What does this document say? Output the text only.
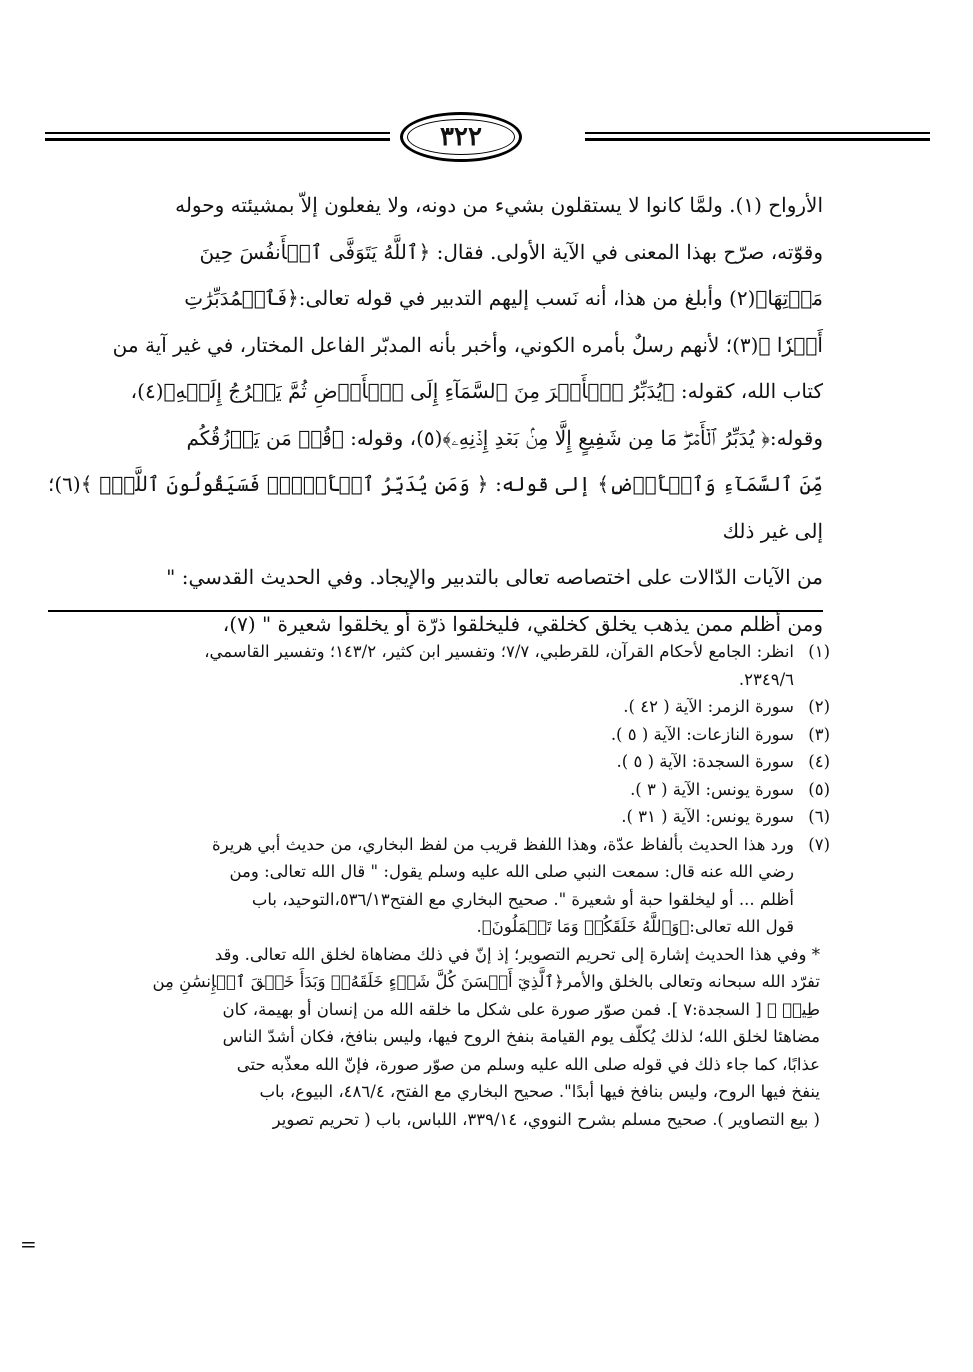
٣٢٢
الأرواح (١). ولمَّا كانوا لا يستقلون بشيء من دونه، ولا يفعلون إلاّ بمشيئته وحوله
وقوّته، صرّح بهذا المعنى في الآية الأولى. فقال: ﴿ٱللَّهُ يَتَوَفَّى ٱلۡأَنفُسَ حِينَ
مَوۡتِهَا﴾(٢) وأبلغ من هذا، أنه نَسب إليهم التدبير في قوله تعالى:﴿فَٱلۡمُدَبِّرَٰتِ
أَمۡرٗا ﴾(٣)؛ لأنهم رسلٌ بأمره الكوني، وأخبر بأنه المدبّر الفاعل المختار، في غير آية من
كتاب الله، كقوله: ﴿يُدَبِّرُ ٱلۡأَمۡرَ مِنَ ٱلسَّمَآءِ إِلَى ٱلۡأَرۡضِ ثُمَّ يَعۡرُجُ إِلَيۡهِ﴾(٤)،
وقوله:﴿ يُدَبِّرُ ٱلۡأَمۡرَۖ مَا مِن شَفِيعٍ إِلَّا مِنۢ بَعۡدِ إِذۡنِهِۦ﴾(٥)، وقوله: ﴿قُلۡ مَن يَرۡزُقُكُم
مِّنَ ٱلسَّمَآءِ وَٱلۡأَرۡضِ﴾ إلى قوله: ﴿ وَمَن يُدَبِّرُ ٱلۡأَمۡرَۚ فَسَيَقُولُونَ ٱللَّهُۚ ﴾(٦)؛ إلى غير ذلك
من الآيات الدّالات على اختصاصه تعالى بالتدبير والإيجاد. وفي الحديث القدسي: "
ومن أظلم ممن يذهب يخلق كخلقي، فليخلقوا ذرّة أو يخلقوا شعيرة " (٧)،

(١)
انظر: الجامع لأحكام القرآن، للقرطبي، ٧/٧؛ وتفسير ابن كثير، ١٤٣/٢؛ وتفسير القاسمي،
٢٣٤٩/٦.

(٢)
سورة الزمر: الآية ( ٤٢ ).

(٣)
سورة النازعات: الآية ( ٥ ).

(٤)
سورة السجدة: الآية ( ٥ ).

(٥)
سورة يونس: الآية ( ٣ ).

(٦)
سورة يونس: الآية ( ٣١ ).

(٧)
ورد هذا الحديث بألفاظ عدّة، وهذا اللفظ قريب من لفظ البخاري، من حديث أبي هريرة
رضي الله عنه قال: سمعت النبي صلى الله عليه وسلم يقول: " قال الله تعالى: ومن
أظلم ... أو ليخلقوا حبة أو شعيرة ". صحيح البخاري مع الفتح٥٣٦/١٣،التوحيد، باب
قول الله تعالى:﴿وَٱللَّهُ خَلَقَكُمۡ وَمَا تَعۡمَلُونَ﴾.

* وفي هذا الحديث إشارة إلى تحريم التصوير؛ إذ إنّ في ذلك مضاهاة لخلق الله تعالى. وقد
تفرّد الله سبحانه وتعالى بالخلق والأمر﴿ٱلَّذِيٓ أَحۡسَنَ كُلَّ شَيۡءٍ خَلَقَهُۥۖ وَبَدَأَ خَلۡقَ ٱلۡإِنسَٰنِ مِن
طِينٖ ﴾ [ السجدة:٧ ]. فمن صوّر صورة على شكل ما خلقه الله من إنسان أو بهيمة، كان
مضاهئا لخلق الله؛ لذلك يُكلّف يوم القيامة بنفخ الروح فيها، وليس بنافخ، فكان أشدّ الناس
عذابًا، كما جاء ذلك في قوله صلى الله عليه وسلم من صوّر صورة، فإنّ الله معذّبه حتى
ينفخ فيها الروح، وليس بنافخ فيها أبدًا". صحيح البخاري مع الفتح، ٤٨٦/٤، البيوع، باب
( بيع التصاوير ). صحيح مسلم بشرح النووي، ٣٣٩/١٤، اللباس، باب ( تحريم تصوير

=
